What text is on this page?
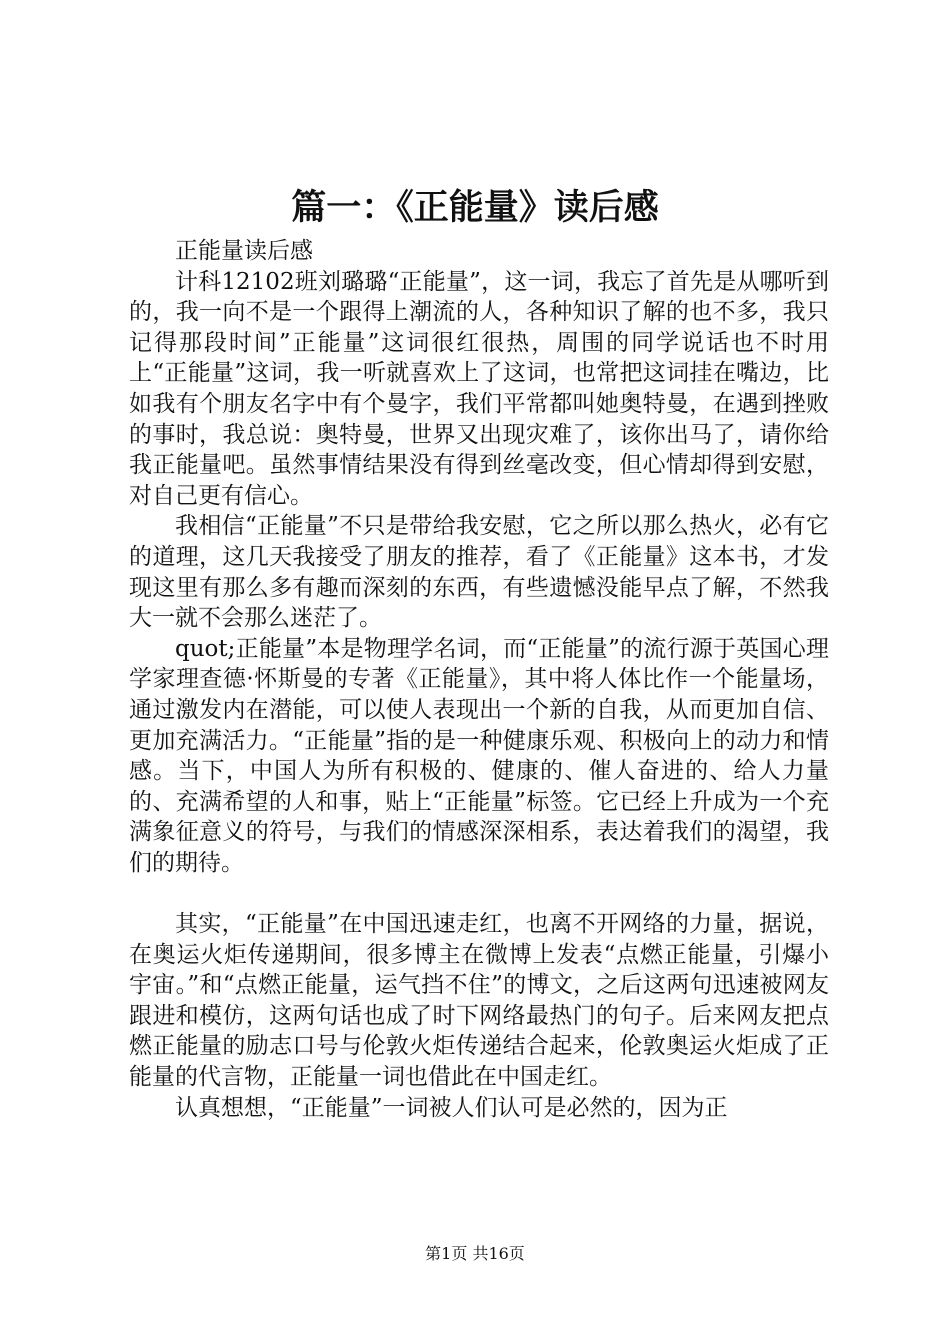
篇一：《正能量》读后感

正能量读后感

计科12102班刘璐璐“正能量”，这一词，我忘了首先是从哪听到的，我一向不是一个跟得上潮流的人，各种知识了解的也不多，我只记得那段时间”正能量”这词很红很热，周围的同学说话也不时用上“正能量”这词，我一听就喜欢上了这词，也常把这词挂在嘴边，比如我有个朋友名字中有个曼字，我们平常都叫她奥特曼，在遇到挫败的事时，我总说：奥特曼，世界又出现灾难了，该你出马了，请你给我正能量吧。虽然事情结果没有得到丝毫改变，但心情却得到安慰，对自己更有信心。

我相信“正能量”不只是带给我安慰，它之所以那么热火，必有它的道理，这几天我接受了朋友的推荐，看了《正能量》这本书，才发现这里有那么多有趣而深刻的东西，有些遗憾没能早点了解，不然我大一就不会那么迷茫了。

quot;正能量”本是物理学名词，而“正能量”的流行源于英国心理学家理查德·怀斯曼的专著《正能量》，其中将人体比作一个能量场，通过激发内在潜能，可以使人表现出一个新的自我，从而更加自信、更加充满活力。“正能量”指的是一种健康乐观、积极向上的动力和情感。当下，中国人为所有积极的、健康的、催人奋进的、给人力量的、充满希望的人和事，贴上“正能量”标签。它已经上升成为一个充满象征意义的符号，与我们的情感深深相系，表达着我们的渴望，我们的期待。

其实，“正能量”在中国迅速走红，也离不开网络的力量，据说，在奥运火炬传递期间，很多博主在微博上发表“点燃正能量，引爆小宇宙。”和“点燃正能量，运气挡不住”的博文，之后这两句迅速被网友跟进和模仿，这两句话也成了时下网络最热门的句子。后来网友把点燃正能量的励志口号与伦敦火炬传递结合起来，伦敦奥运火炬成了正能量的代言物，正能量一词也借此在中国走红。

认真想想，“正能量”一词被人们认可是必然的，因为正

第1页 共16页
